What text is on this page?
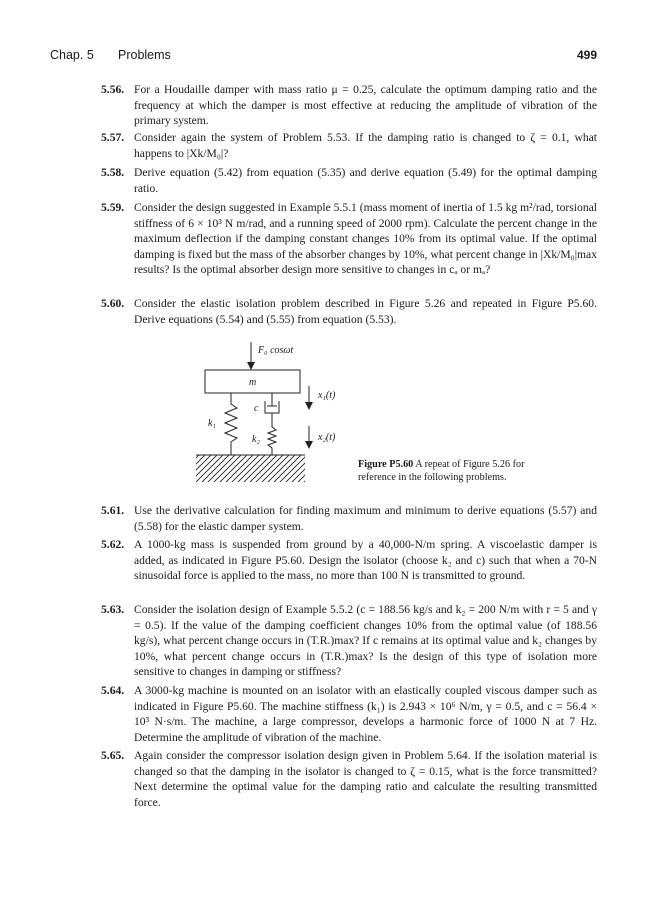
Chap. 5 Problems	499
5.56. For a Houdaille damper with mass ratio μ = 0.25, calculate the optimum damping ratio and the frequency at which the damper is most effective at reducing the amplitude of vibration of the primary system.
5.57. Consider again the system of Problem 5.53. If the damping ratio is changed to ζ = 0.1, what happens to |Xk/M₀|?
5.58. Derive equation (5.42) from equation (5.35) and derive equation (5.49) for the optimal damping ratio.
5.59. Consider the design suggested in Example 5.5.1 (mass moment of inertia of 1.5 kg m²/rad, torsional stiffness of 6 × 10³ N m/rad, and a running speed of 2000 rpm). Calculate the percent change in the maximum deflection if the damping constant changes 10% from its optimal value. If the optimal damping is fixed but the mass of the absorber changes by 10%, what percent change in |Xk/M₀|max results? Is the optimal absorber design more sensitive to changes in cₐ or mₐ?
5.60. Consider the elastic isolation problem described in Figure 5.26 and repeated in Figure P5.60. Derive equations (5.54) and (5.55) from equation (5.53).
F₀ cosωt
m
x₁(t)
k₁
c
x₂(t)
k₂
Figure P5.60 A repeat of Figure 5.26 for reference in the following problems.
5.61. Use the derivative calculation for finding maximum and minimum to derive equations (5.57) and (5.58) for the elastic damper system.
5.62. A 1000-kg mass is suspended from ground by a 40,000-N/m spring. A viscoelastic damper is added, as indicated in Figure P5.60. Design the isolator (choose k₂ and c) such that when a 70-N sinusoidal force is applied to the mass, no more than 100 N is transmitted to ground.
5.63. Consider the isolation design of Example 5.5.2 (c = 188.56 kg/s and k₂ = 200 N/m with r = 5 and γ = 0.5). If the value of the damping coefficient changes 10% from the optimal value (of 188.56 kg/s), what percent change occurs in (T.R.)max? If c remains at its optimal value and k₂ changes by 10%, what percent change occurs in (T.R.)max? Is the design of this type of isolation more sensitive to changes in damping or stiffness?
5.64. A 3000-kg machine is mounted on an isolator with an elastically coupled viscous damper such as indicated in Figure P5.60. The machine stiffness (k₁) is 2.943 × 10⁶ N/m, γ = 0.5, and c = 56.4 × 10³ N·s/m. The machine, a large compressor, develops a harmonic force of 1000 N at 7 Hz. Determine the amplitude of vibration of the machine.
5.65. Again consider the compressor isolation design given in Problem 5.64. If the isolation material is changed so that the damping in the isolator is changed to ζ = 0.15, what is the force transmitted? Next determine the optimal value for the damping ratio and calculate the resulting transmitted force.
